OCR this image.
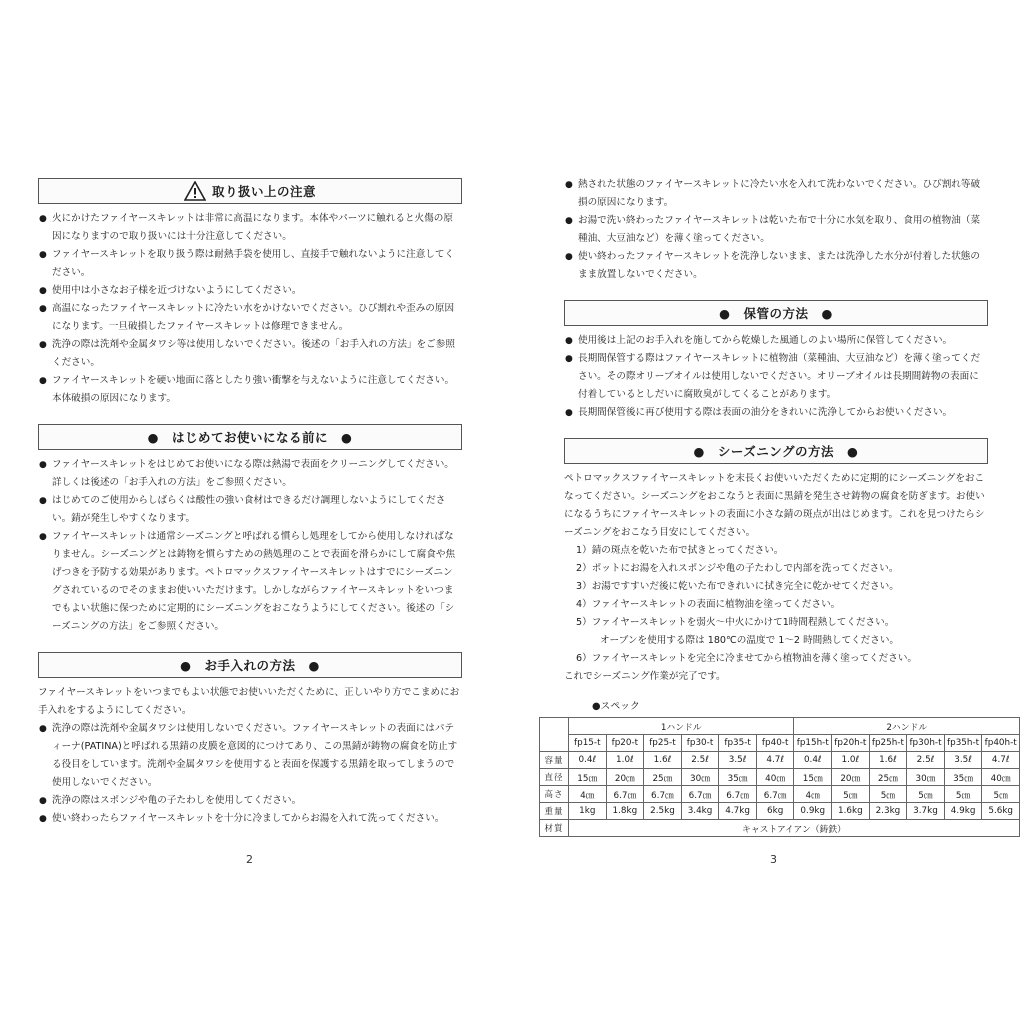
取り扱い上の注意
● 火にかけたファイヤースキレットは非常に高温になります。本体やパーツに触れると火傷の原因になりますので取り扱いには十分注意してください。
● ファイヤースキレットを取り扱う際は耐熱手袋を使用し、直接手で触れないように注意してください。
● 使用中は小さなお子様を近づけないようにしてください。
● 高温になったファイヤースキレットに冷たい水をかけないでください。ひび割れや歪みの原因になります。一旦破損したファイヤースキレットは修理できません。
● 洗浄の際は洗剤や金属タワシ等は使用しないでください。後述の「お手入れの方法」をご参照ください。
● ファイヤースキレットを硬い地面に落としたり強い衝撃を与えないように注意してください。本体破損の原因になります。
●　はじめてお使いになる前に　●
● ファイヤースキレットをはじめてお使いになる際は熱湯で表面をクリーニングしてください。詳しくは後述の「お手入れの方法」をご参照ください。
● はじめてのご使用からしばらくは酸性の強い食材はできるだけ調理しないようにしてください。錆が発生しやすくなります。
● ファイヤースキレットは通常シーズニングと呼ばれる慣らし処理をしてから使用しなければなりません。シーズニングとは鋳物を慣らすための熱処理のことで表面を滑らかにして腐食や焦げつきを予防する効果があります。ペトロマックスファイヤースキレットはすでにシーズニングされているのでそのままお使いいただけます。しかしながらファイヤースキレットをいつまでもよい状態に保つために定期的にシーズニングをおこなうようにしてください。後述の「シーズニングの方法」をご参照ください。
●　お手入れの方法　●

ファイヤースキレットをいつまでもよい状態でお使いいただくために、正しいやり方でこまめにお手入れをするようにしてください。

● 洗浄の際は洗剤や金属タワシは使用しないでください。ファイヤースキレットの表面にはパティーナ(PATINA)と呼ばれる黒錆の皮膜を意図的につけてあり、この黒錆が鋳物の腐食を防止する役目をしています。洗剤や金属タワシを使用すると表面を保護する黒錆を取ってしまうので使用しないでください。
● 洗浄の際はスポンジや亀の子たわしを使用してください。
● 使い終わったらファイヤースキレットを十分に冷ましてからお湯を入れて洗ってください。
2
● 熱された状態のファイヤースキレットに冷たい水を入れて洗わないでください。ひび割れ等破損の原因になります。
● お湯で洗い終わったファイヤースキレットは乾いた布で十分に水気を取り、食用の植物油（菜種油、大豆油など）を薄く塗ってください。
● 使い終わったファイヤースキレットを洗浄しないまま、または洗浄した水分が付着した状態のまま放置しないでください。
●　保管の方法　●
● 使用後は上記のお手入れを施してから乾燥した風通しのよい場所に保管してください。
● 長期間保管する際はファイヤースキレットに植物油（菜種油、大豆油など）を薄く塗ってください。その際オリーブオイルは使用しないでください。オリーブオイルは長期間鋳物の表面に付着しているとしだいに腐敗臭がしてくることがあります。
● 長期間保管後に再び使用する際は表面の油分をきれいに洗浄してからお使いください。
●　シーズニングの方法　●

ペトロマックスファイヤースキレットを末長くお使いいただくために定期的にシーズニングをおこなってください。シーズニングをおこなうと表面に黒錆を発生させ鋳物の腐食を防ぎます。お使いになるうちにファイヤースキレットの表面に小さな錆の斑点が出はじめます。これを見つけたらシーズニングをおこなう目安にしてください。

1）錆の斑点を乾いた布で拭きとってください。
2）ポットにお湯を入れスポンジや亀の子たわしで内部を洗ってください。
3）お湯ですすいだ後に乾いた布できれいに拭き完全に乾かせてください。
4）ファイヤースキレットの表面に植物油を塗ってください。
5）ファイヤースキレットを弱火～中火にかけて1時間程熱してください。
オーブンを使用する際は 180℃の温度で 1～2 時間熱してください。
6）ファイヤースキレットを完全に冷ませてから植物油を薄く塗ってください。

これでシーズニング作業が完了です。

●スペック
	1ハンドル						2ハンドル					
	fp15-t	fp20-t	fp25-t	fp30-t	fp35-t	fp40-t	fp15h-t	fp20h-t	fp25h-t	fp30h-t	fp35h-t	fp40h-t
容量	0.4ℓ	1.0ℓ	1.6ℓ	2.5ℓ	3.5ℓ	4.7ℓ	0.4ℓ	1.0ℓ	1.6ℓ	2.5ℓ	3.5ℓ	4.7ℓ
直径	15㎝	20㎝	25㎝	30㎝	35㎝	40㎝	15㎝	20㎝	25㎝	30㎝	35㎝	40㎝
高さ	4㎝	6.7㎝	6.7㎝	6.7㎝	6.7㎝	6.7㎝	4㎝	5㎝	5㎝	5㎝	5㎝	5㎝
重量	1kg	1.8kg	2.5kg	3.4kg	4.7kg	6kg	0.9kg	1.6kg	2.3kg	3.7kg	4.9kg	5.6kg
材質	キャストアイアン（鋳鉄）											
3
